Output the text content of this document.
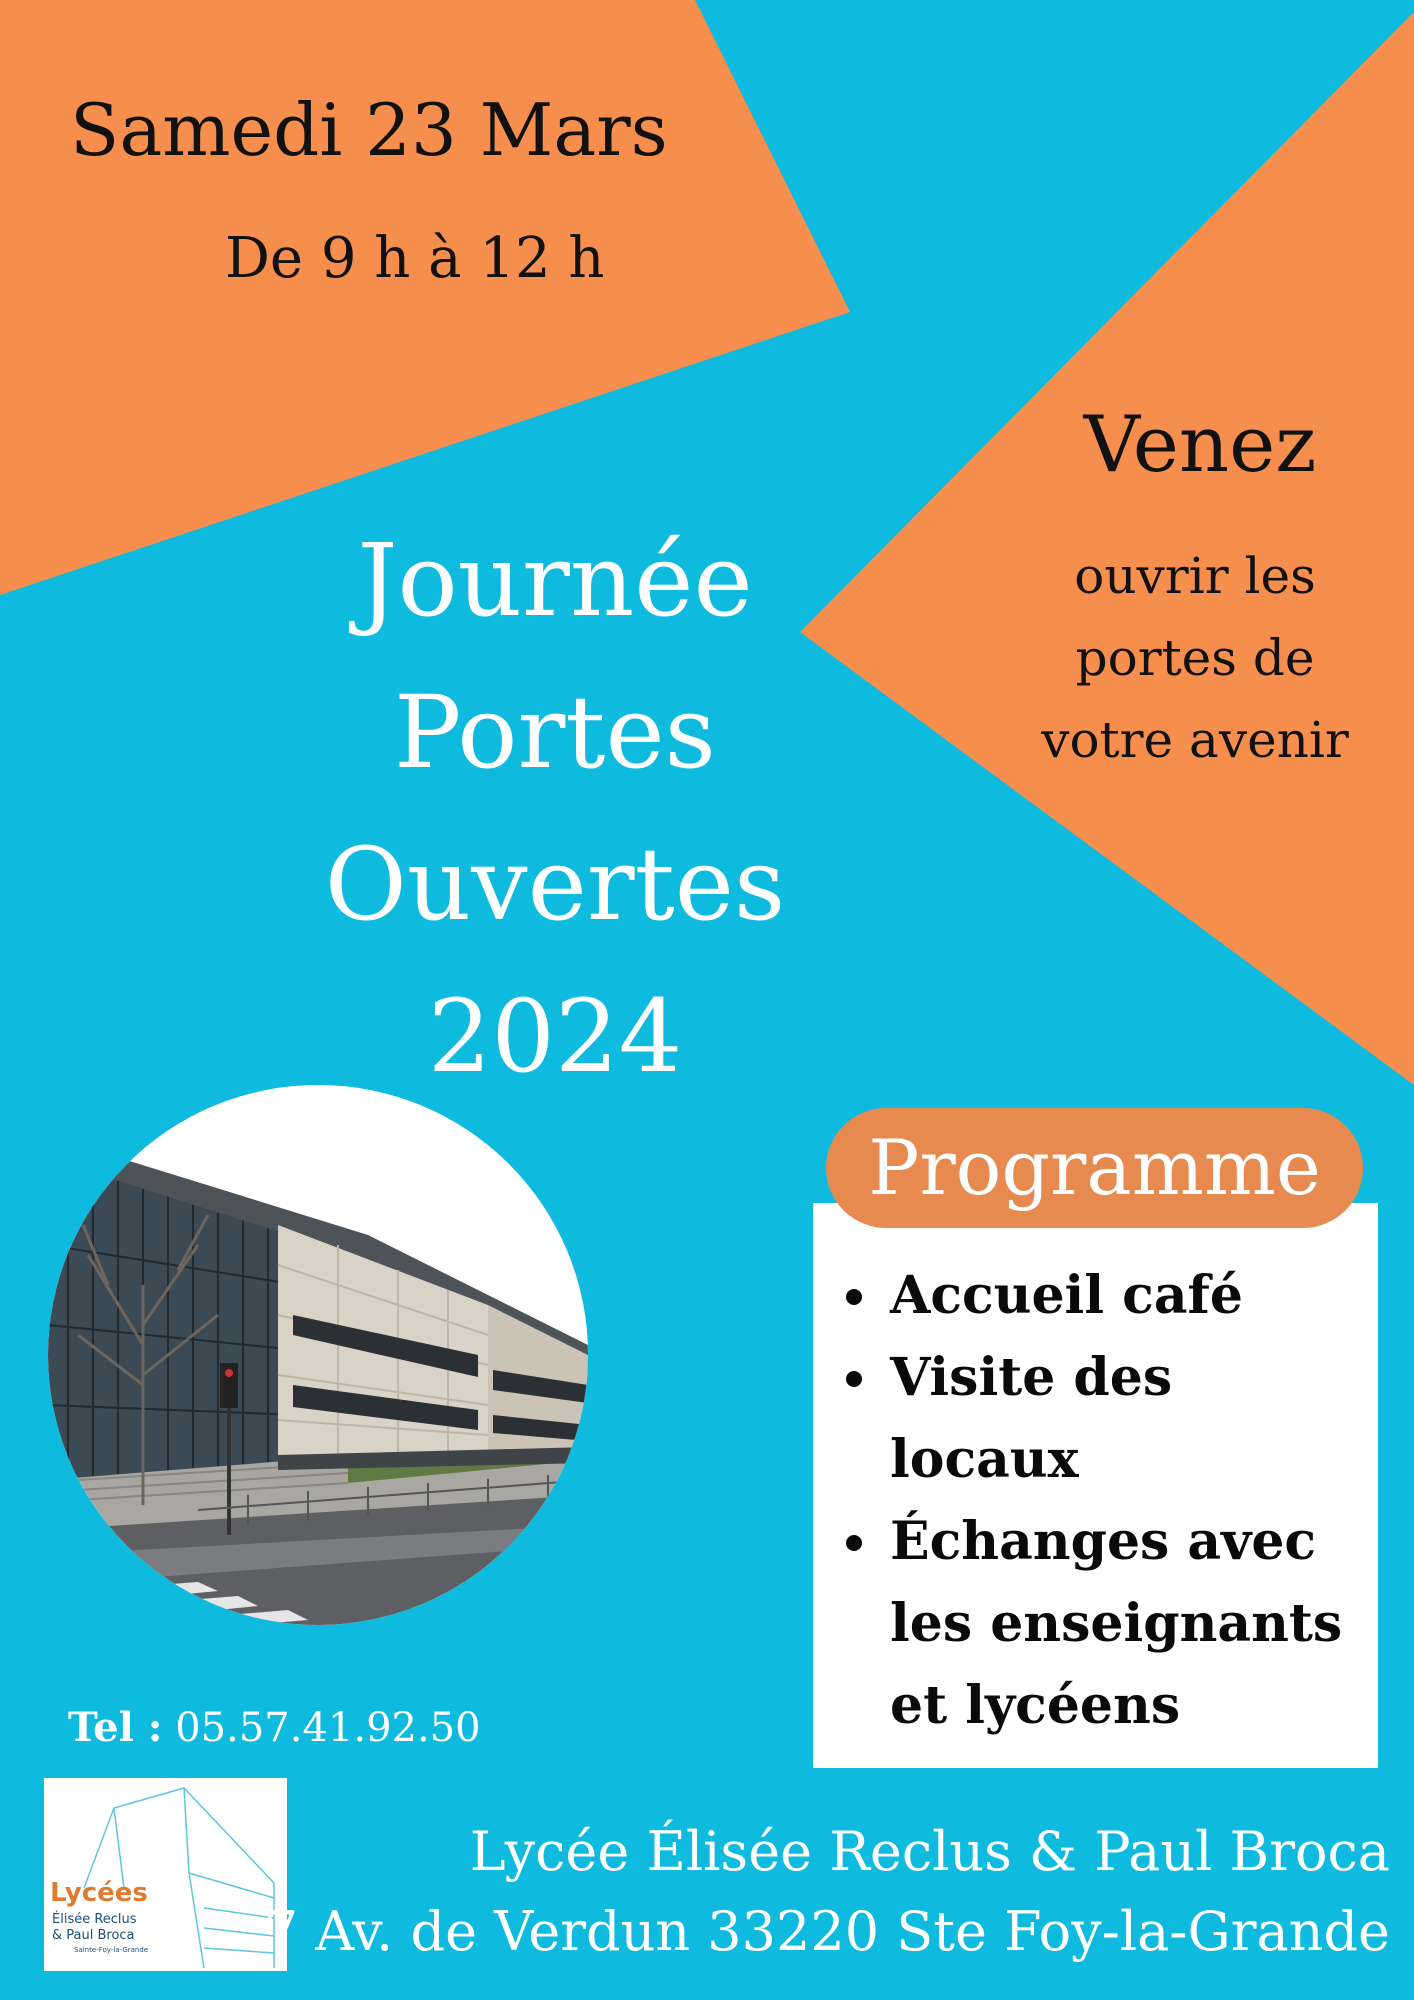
Samedi 23 Mars
De 9 h à 12 h
Venez
ouvrir les
portes de
votre avenir
Journée
Portes
Ouvertes
2024
Programme
Accueil café
Visite des locaux
Échanges avec les enseignants et lycéens
Tel : 05.57.41.92.50
Lycées
Élisée Reclus
& Paul Broca
Sainte-Foy-la-Grande
Lycée Élisée Reclus & Paul Broca
7 Av. de Verdun 33220 Ste Foy-la-Grande
